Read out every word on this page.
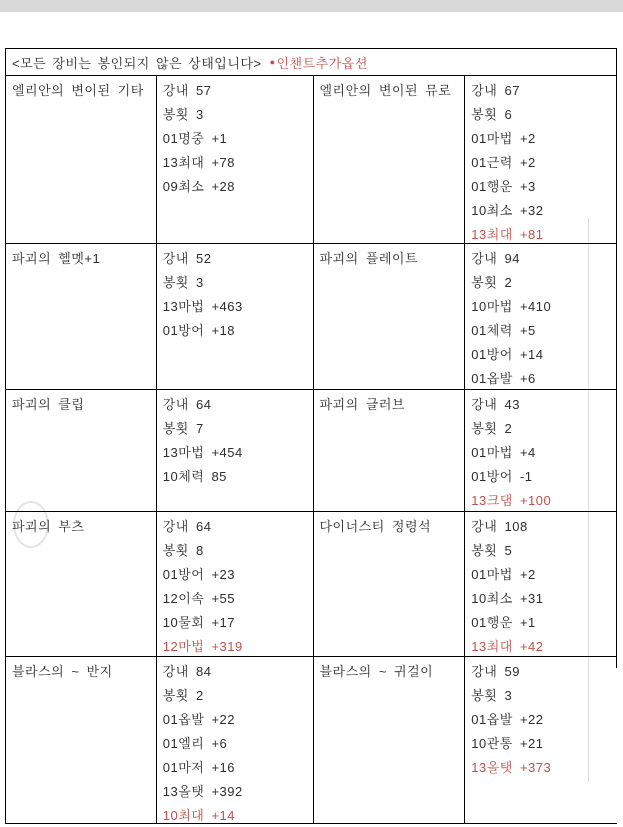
<모든 장비는 봉인되지 않은 상태입니다> ● 인챈트추가옵션
엘리안의 변이된 기타	강내 57
봉횟 3
01명중 +1
13최대 +78
09최소 +28
엘리안의 변이된 뮤로	강내 67
봉횟 6
01마법 +2
01근력 +2
01행운 +3
10최소 +32
13최대 +81
파괴의 헬멧+1	강내 52
봉횟 3
13마법 +463
01방어 +18
파괴의 플레이트	강내 94
봉횟 2
10마법 +410
01체력 +5
01방어 +14
01옵발 +6
파괴의 클립	강내 64
봉횟 7
13마법 +454
10체력 85
파괴의 글러브	강내 43
봉횟 2
01마법 +4
01방어 -1
13크댐 +100
파괴의 부츠	강내 64
봉횟 8
01방어 +23
12이속 +55
10물회 +17
12마법 +319
다이너스티 정령석	강내 108
봉횟 5
01마법 +2
10최소 +31
01행운 +1
13최대 +42
블라스의 ~ 반지	강내 84
봉횟 2
01옵발 +22
01엘리 +6
01마저 +16
13올탯 +392
10최대 +14
블라스의 ~ 귀걸이	강내 59
봉횟 3
01옵발 +22
10관통 +21
13올탯 +373
